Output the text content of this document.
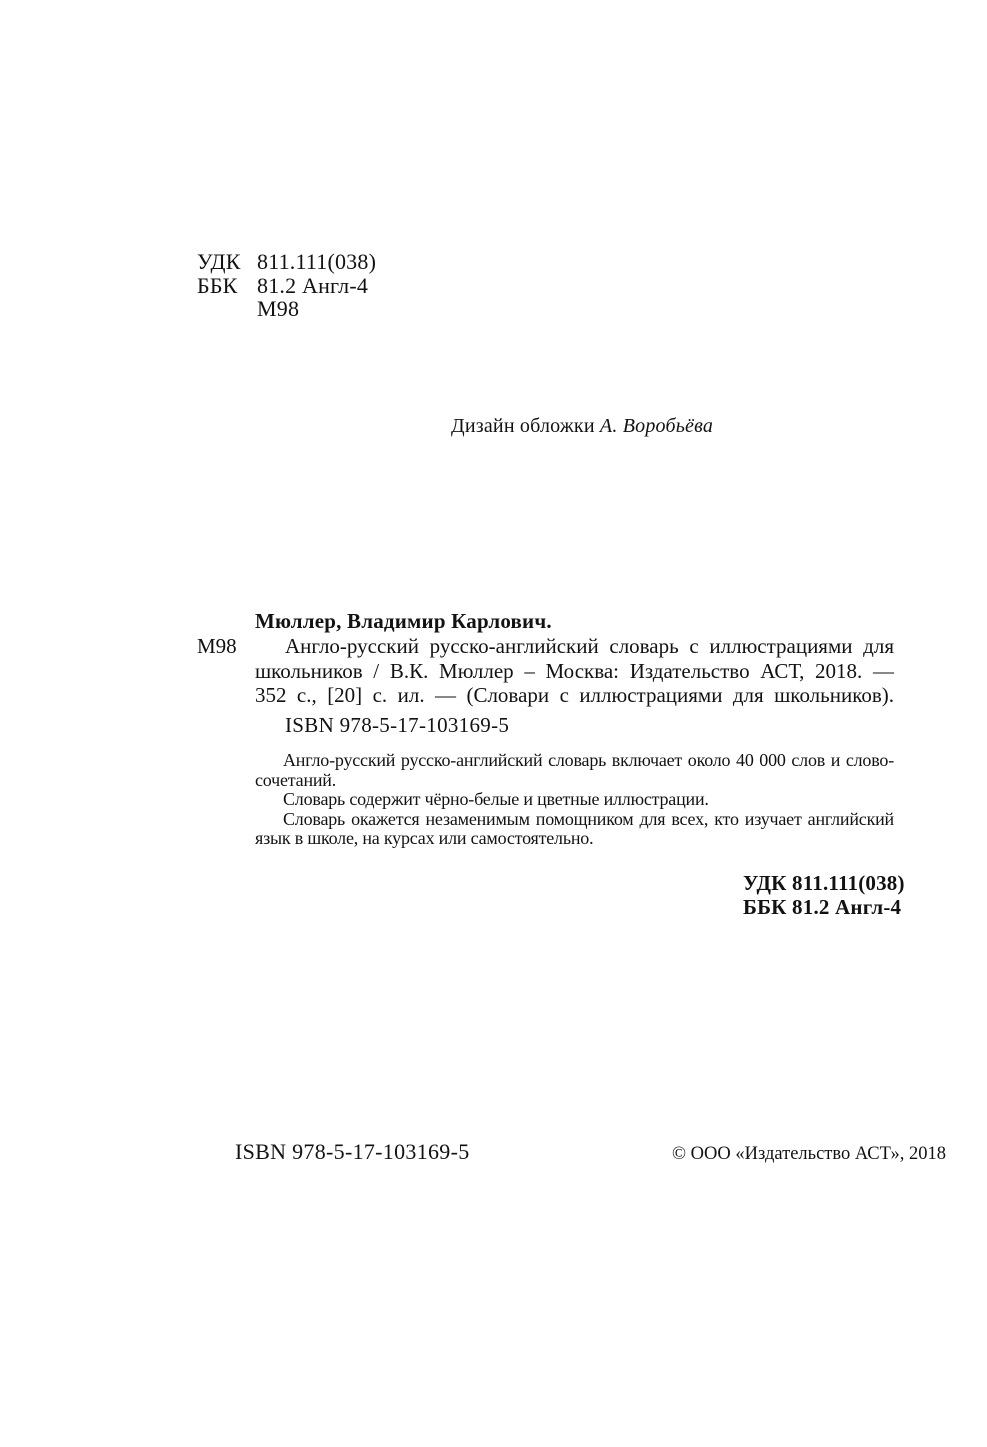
УДК 811.111(038)
ББК 81.2 Англ-4
М98
Дизайн обложки А. Воробьёва
Мюллер, Владимир Карлович.
М98	Англо-русский русско-английский словарь с иллюстрациями для
школьников / В.К. Мюллер – Москва: Издательство АСТ, 2018. —
352 с., [20] с. ил. — (Словари с иллюстрациями для школьников).
ISBN 978-5-17-103169-5
Англо-русский русско-английский словарь включает около 40 000 слов и слово-
сочетаний.
Словарь содержит чёрно-белые и цветные иллюстрации.
Словарь окажется незаменимым помощником для всех, кто изучает английский
язык в школе, на курсах или самостоятельно.
УДК 811.111(038)
ББК 81.2 Англ-4
ISBN 978-5-17-103169-5	© ООО «Издательство АСТ», 2018
